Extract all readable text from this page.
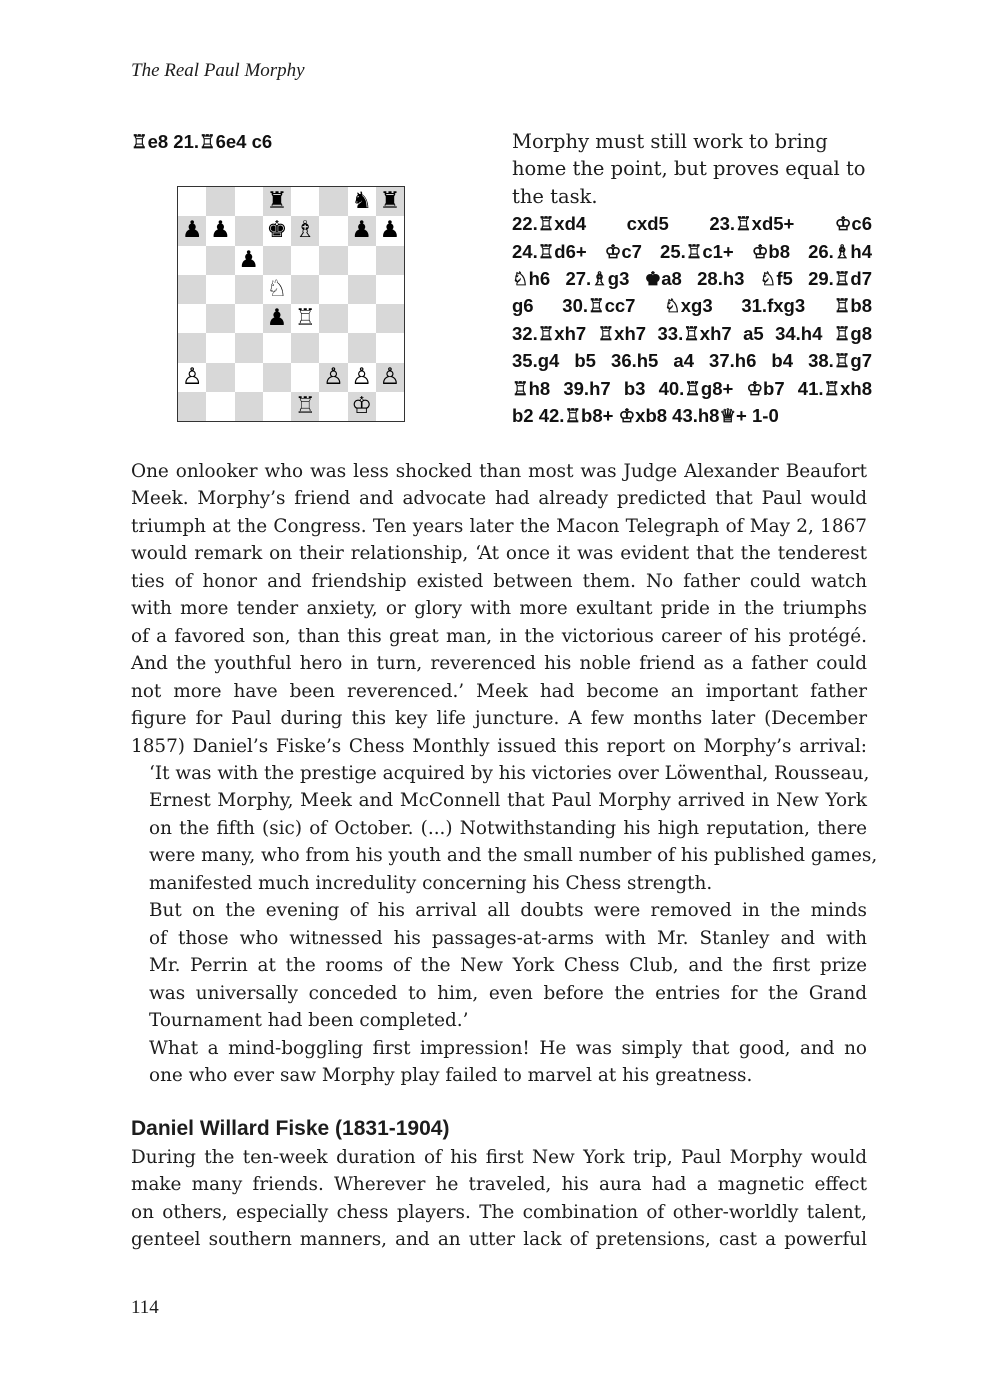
The Real Paul Morphy
♖e8 21.♖6e4 c6
♜	♞ ♜
♟ ♟ ♚ ♗ ♟ ♟
♟
♘
♟ ♖
♙	♙ ♙ ♙
♖ ♔
Morphy must still work to bring home the point, but proves equal to the task.
22.♖xd4 cxd5 23.♖xd5+ ♔c6
24.♖d6+ ♔c7 25.♖c1+ ♔b8 26.♗h4
♘h6 27.♗g3 ♚a8 28.h3 ♘f5 29.♖d7
g6 30.♖cc7 ♘xg3 31.fxg3 ♖b8
32.♖xh7 ♖xh7 33.♖xh7 a5 34.h4 ♖g8
35.g4 b5 36.h5 a4 37.h6 b4 38.♖g7
♖h8 39.h7 b3 40.♖g8+ ♔b7 41.♖xh8
b2 42.♖b8+ ♔xb8 43.h8♕+ 1-0

One onlooker who was less shocked than most was Judge Alexander Beaufort
Meek. Morphy’s friend and advocate had already predicted that Paul would
triumph at the Congress. Ten years later the Macon Telegraph of May 2, 1867
would remark on their relationship, ‘At once it was evident that the tenderest
ties of honor and friendship existed between them. No father could watch
with more tender anxiety, or glory with more exultant pride in the triumphs
of a favored son, than this great man, in the victorious career of his protégé.
And the youthful hero in turn, reverenced his noble friend as a father could
not more have been reverenced.’ Meek had become an important father
figure for Paul during this key life juncture. A few months later (December
1857) Daniel’s Fiske’s Chess Monthly issued this report on Morphy’s arrival:

‘It was with the prestige acquired by his victories over Löwenthal, Rousseau,
Ernest Morphy, Meek and McConnell that Paul Morphy arrived in New York
on the fifth (sic) of October. (...) Notwithstanding his high reputation, there
were many, who from his youth and the small number of his published games,
manifested much incredulity concerning his Chess strength.

But on the evening of his arrival all doubts were removed in the minds
of those who witnessed his passages-at-arms with Mr. Stanley and with
Mr. Perrin at the rooms of the New York Chess Club, and the first prize
was universally conceded to him, even before the entries for the Grand
Tournament had been completed.’

What a mind-boggling first impression! He was simply that good, and no
one who ever saw Morphy play failed to marvel at his greatness.

Daniel Willard Fiske (1831-1904)
During the ten-week duration of his first New York trip, Paul Morphy would
make many friends. Wherever he traveled, his aura had a magnetic effect
on others, especially chess players. The combination of other-worldly talent,
genteel southern manners, and an utter lack of pretensions, cast a powerful
114
